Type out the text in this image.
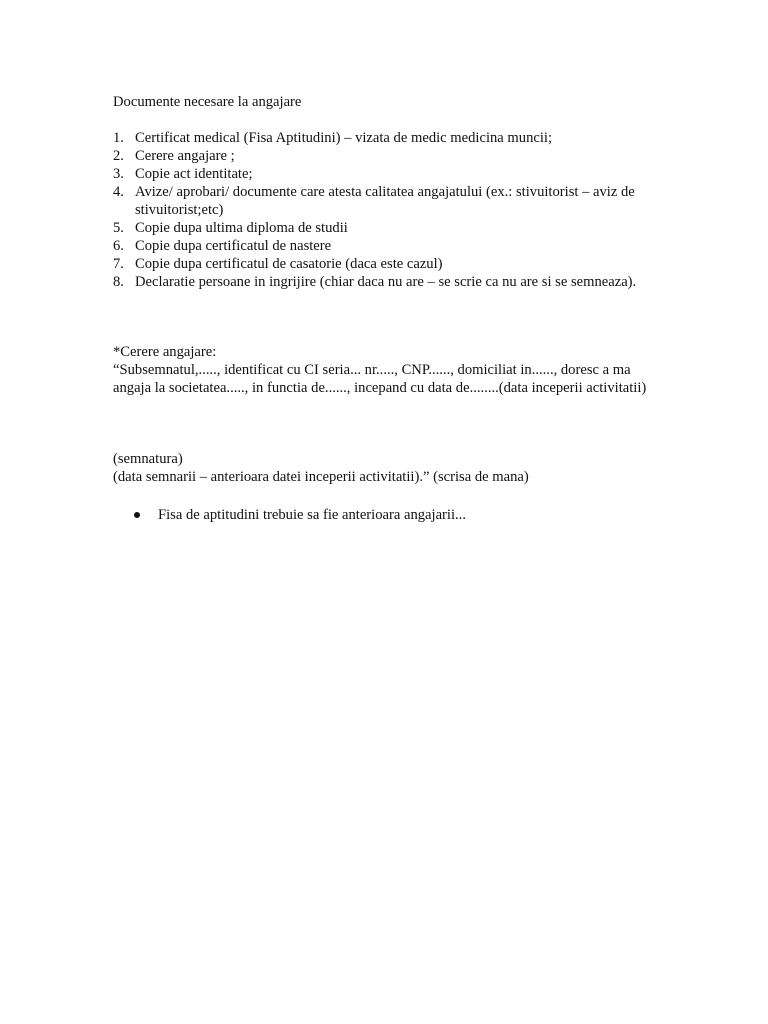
Documente necesare la angajare
1. Certificat medical (Fisa Aptitudini) – vizata de medic medicina muncii;
2. Cerere angajare ;
3. Copie act identitate;
4. Avize/ aprobari/ documente care atesta calitatea angajatului (ex.: stivuitorist – aviz de stivuitorist;etc)
5. Copie dupa ultima diploma de studii
6. Copie dupa certificatul de nastere
7. Copie dupa certificatul de casatorie (daca este cazul)
8. Declaratie persoane in ingrijire (chiar daca nu are – se scrie ca nu are si se semneaza).

*Cerere angajare:

“Subsemnatul,....., identificat cu CI seria... nr....., CNP......, domiciliat in......, doresc a ma angaja la societatea....., in functia de......, incepand cu data de........(data inceperii activitatii)

(semnatura)

(data semnarii – anterioara datei inceperii activitatii).” (scrisa de mana)

Fisa de aptitudini trebuie sa fie anterioara angajarii...
